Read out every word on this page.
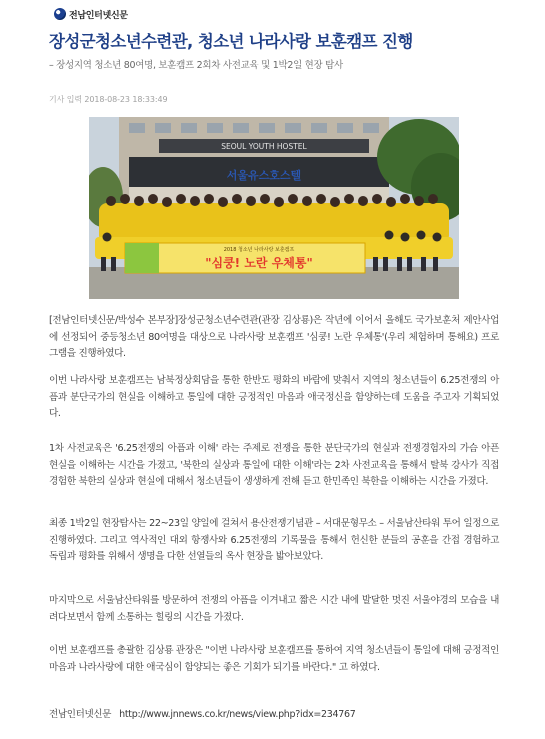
전남인터넷신문
장성군청소년수련관, 청소년 나라사랑 보훈캠프 진행
– 장성지역 청소년 80여명, 보훈캠프 2회차 사전교육 및 1박2일 현장 탐사
기사 입력 2018-08-23 18:33:49
SEOUL YOUTH HOSTEL
서울유스호스텔
2018 청소년 나라사랑 보훈캠프
"심쿵! 노란 우체통"

[전남인터넷신문/박성수 본부장]장성군청소년수련관(관장 김상룡)은 작년에 이어서 올해도 국가보훈처 제안사업에 선정되어 중등청소년 80여명을 대상으로 나라사랑 보훈캠프 '심쿵! 노란 우체통'(우리 체험하며 통해요) 프로그램을 진행하였다.

이번 나라사랑 보훈캠프는 남북정상회담을 통한 한반도 평화의 바람에 맞춰서 지역의 청소년들이 6.25전쟁의 아픔과 분단국가의 현실을 이해하고 통일에 대한 긍정적인 마음과 애국정신을 함양하는데 도움을 주고자 기획되었다.

1차 사전교육은 '6.25전쟁의 아픔과 이해' 라는 주제로 전쟁을 통한 분단국가의 현실과 전쟁경험자의 가슴 아픈 현실을 이해하는 시간을 가졌고, '북한의 실상과 통일에 대한 이해'라는 2차 사전교육을 통해서 탈북 강사가 직접 경험한 북한의 실상과 현실에 대해서 청소년들이 생생하게 전해 듣고 한민족인 북한을 이해하는 시간을 가졌다.

최종 1박2일 현장탐사는 22~23일 양일에 걸쳐서 용산전쟁기념관 – 서대문형무소 – 서울남산타워 투어 일정으로 진행하였다. 그리고 역사적인 대외 항쟁사와 6.25전쟁의 기록물을 통해서 헌신한 분들의 공훈을 간접 경험하고 독립과 평화를 위해서 생명을 다한 선열들의 옥사 현장을 밟아보았다.

마지막으로 서울남산타워를 방문하여 전쟁의 아픔을 이겨내고 짧은 시간 내에 발달한 멋진 서울야경의 모습을 내려다보면서 함께 소통하는 힐링의 시간을 가졌다.

이번 보훈캠프를 총괄한 김상룡 관장은 "이번 나라사랑 보훈캠프를 통하여 지역 청소년들이 통일에 대해 긍정적인 마음과 나라사랑에 대한 애국심이 함양되는 좋은 기회가 되기를 바란다." 고 하였다.

전남인터넷신문 http://www.jnnews.co.kr/news/view.php?idx=234767
